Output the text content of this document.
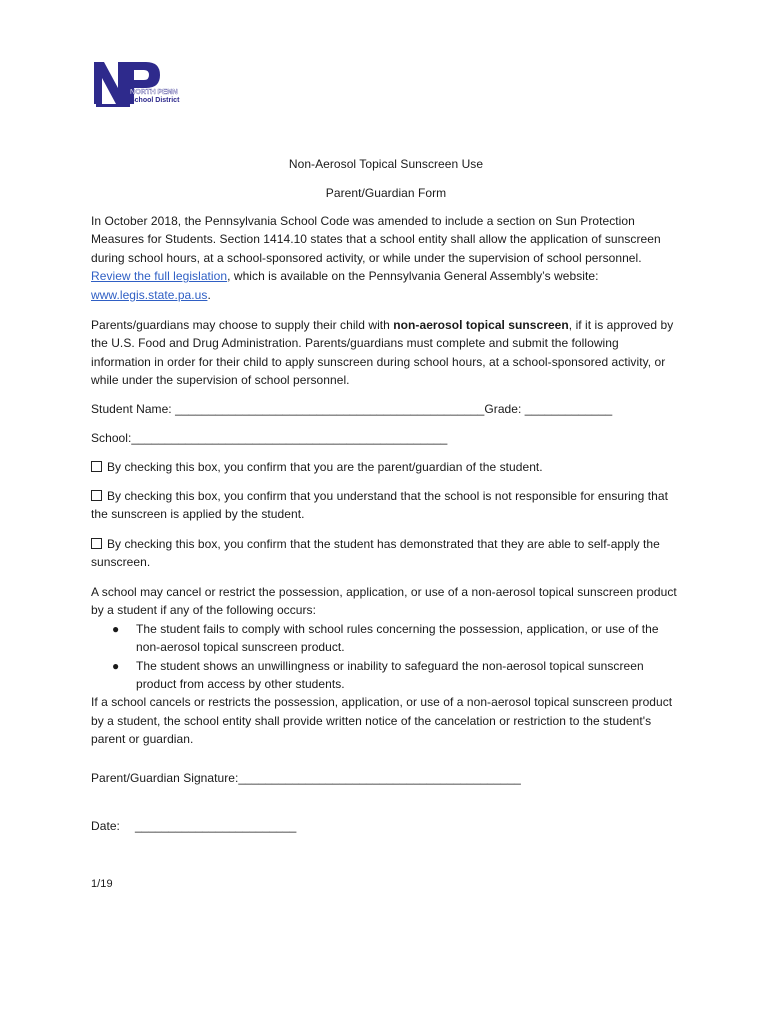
NORTH PENN
School District
Non-Aerosol Topical Sunscreen Use
Parent/Guardian Form
In October 2018, the Pennsylvania School Code was amended to include a section on Sun Protection Measures for Students. Section 1414.10 states that a school entity shall allow the application of sunscreen during school hours, at a school-sponsored activity, or while under the supervision of school personnel. Review the full legislation, which is available on the Pennsylvania General Assembly’s website: www.legis.state.pa.us.
Parents/guardians may choose to supply their child with non-aerosol topical sunscreen, if it is approved by the U.S. Food and Drug Administration. Parents/guardians must complete and submit the following information in order for their child to apply sunscreen during school hours, at a school-sponsored activity, or while under the supervision of school personnel.
Student Name: ______________________________________________Grade: _____________
School:_______________________________________________
By checking this box, you confirm that you are the parent/guardian of the student.
By checking this box, you confirm that you understand that the school is not responsible for ensuring that the sunscreen is applied by the student.
By checking this box, you confirm that the student has demonstrated that they are able to self-apply the sunscreen.
A school may cancel or restrict the possession, application, or use of a non-aerosol topical sunscreen product by a student if any of the following occurs:
● The student fails to comply with school rules concerning the possession, application, or use of the non-aerosol topical sunscreen product.
● The student shows an unwillingness or inability to safeguard the non-aerosol topical sunscreen product from access by other students.
If a school cancels or restricts the possession, application, or use of a non-aerosol topical sunscreen product by a student, the school entity shall provide written notice of the cancelation or restriction to the student's parent or guardian.
Parent/Guardian Signature:__________________________________________
Date: ________________________
1/19
